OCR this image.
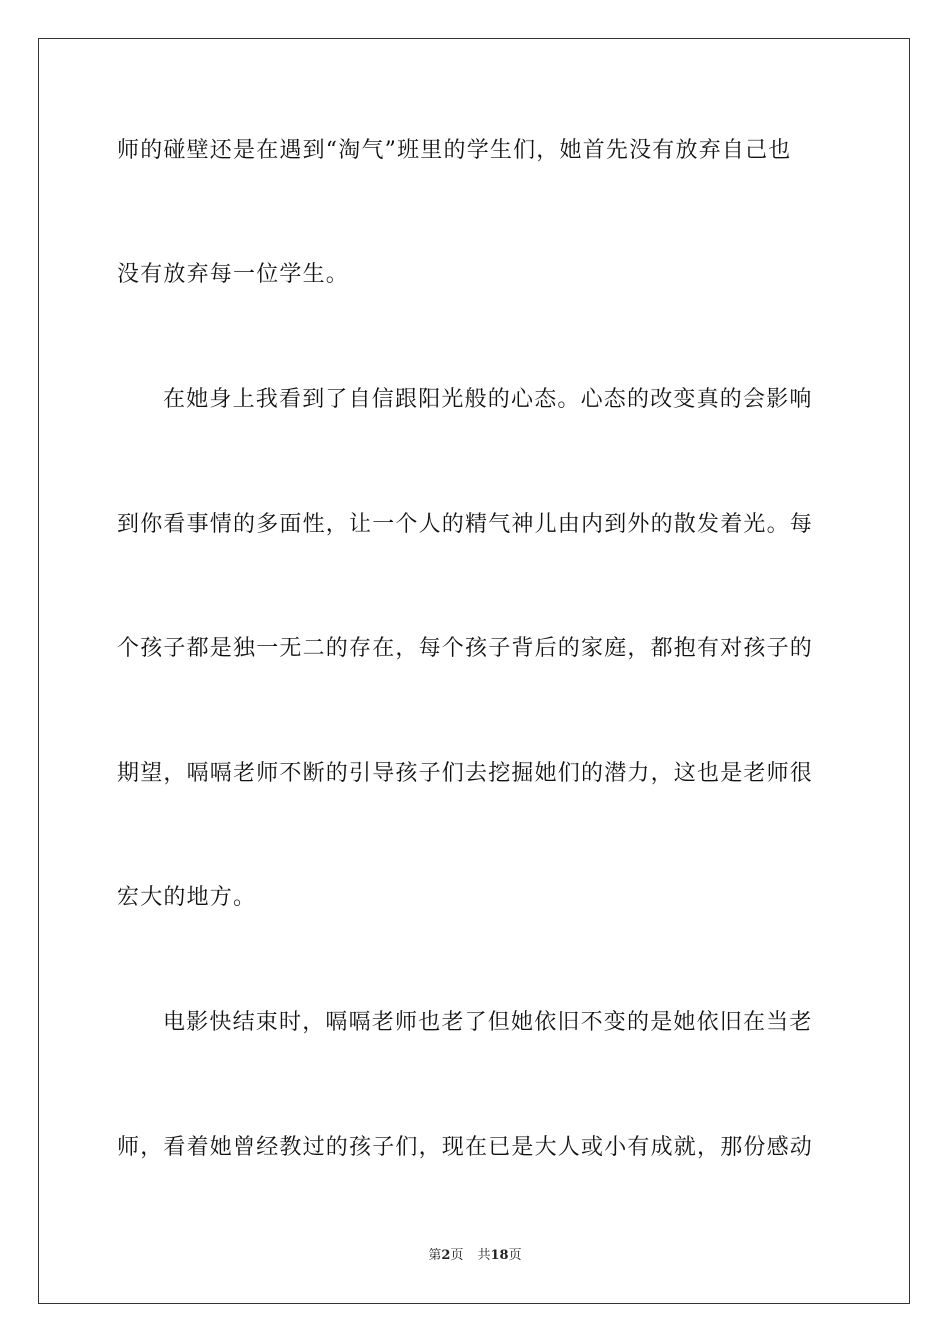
师的碰壁还是在遇到“淘气”班里的学生们，她首先没有放弃自己也
没有放弃每一位学生。
在她身上我看到了自信跟阳光般的心态。心态的改变真的会影响
到你看事情的多面性，让一个人的精气神儿由内到外的散发着光。每
个孩子都是独一无二的存在，每个孩子背后的家庭，都抱有对孩子的
期望，嗝嗝老师不断的引导孩子们去挖掘她们的潜力，这也是老师很
宏大的地方。
电影快结束时，嗝嗝老师也老了但她依旧不变的是她依旧在当老
师，看着她曾经教过的孩子们，现在已是大人或小有成就，那份感动
第2页 共18页
